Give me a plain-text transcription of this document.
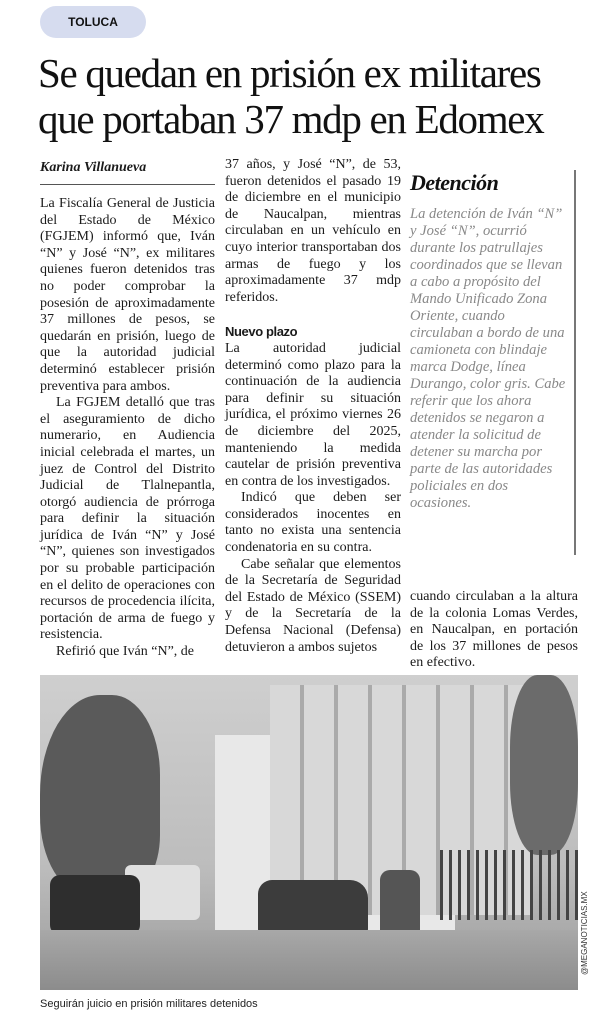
TOLUCA
Se quedan en prisión ex militares que portaban 37 mdp en Edomex
Karina Villanueva

La Fiscalía General de Justicia del Estado de México (FGJEM) informó que, Iván “N” y José “N”, ex militares quienes fueron detenidos tras no poder comprobar la posesión de aproximadamente 37 millones de pesos, se quedarán en prisión, luego de que la autoridad judicial determinó establecer prisión preventiva para ambos.

La FGJEM detalló que tras el aseguramiento de dicho numerario, en Audiencia inicial celebrada el martes, un juez de Control del Distrito Judicial de Tlalnepantla, otorgó audiencia de prórroga para definir la situación jurídica de Iván “N” y José “N”, quienes son investigados por su probable participación en el delito de operaciones con recursos de procedencia ilícita, portación de arma de fuego y resistencia.

Refirió que Iván “N”, de

37 años, y José “N”, de 53, fueron detenidos el pasado 19 de diciembre en el municipio de Naucalpan, mientras circulaban en un vehículo en cuyo interior transportaban dos armas de fuego y los aproximadamente 37 mdp referidos.

Nuevo plazo

La autoridad judicial determinó como plazo para la continuación de la audiencia para definir su situación jurídica, el próximo viernes 26 de diciembre del 2025, manteniendo la medida cautelar de prisión preventiva en contra de los investigados.

Indicó que deben ser considerados inocentes en tanto no exista una sentencia condenatoria en su contra.

Cabe señalar que elementos de la Secretaría de Seguridad del Estado de México (SSEM) y de la Secretaría de la Defensa Nacional (Defensa) detuvieron a ambos sujetos

Detención

La detención de Iván “N” y José “N”, ocurrió durante los patrullajes coordinados que se llevan a cabo a propósito del Mando Unificado Zona Oriente, cuando circulaban a bordo de una camioneta con blindaje marca Dodge, línea Durango, color gris. Cabe referir que los ahora detenidos se negaron a atender la solicitud de detener su marcha por parte de las autoridades policiales en dos ocasiones.

cuando circulaban a la altura de la colonia Lomas Verdes, en Naucalpan, en portación de los 37 millones de pesos en efectivo.

@MEGANOTICIAS.MX
Seguirán juicio en prisión militares detenidos
